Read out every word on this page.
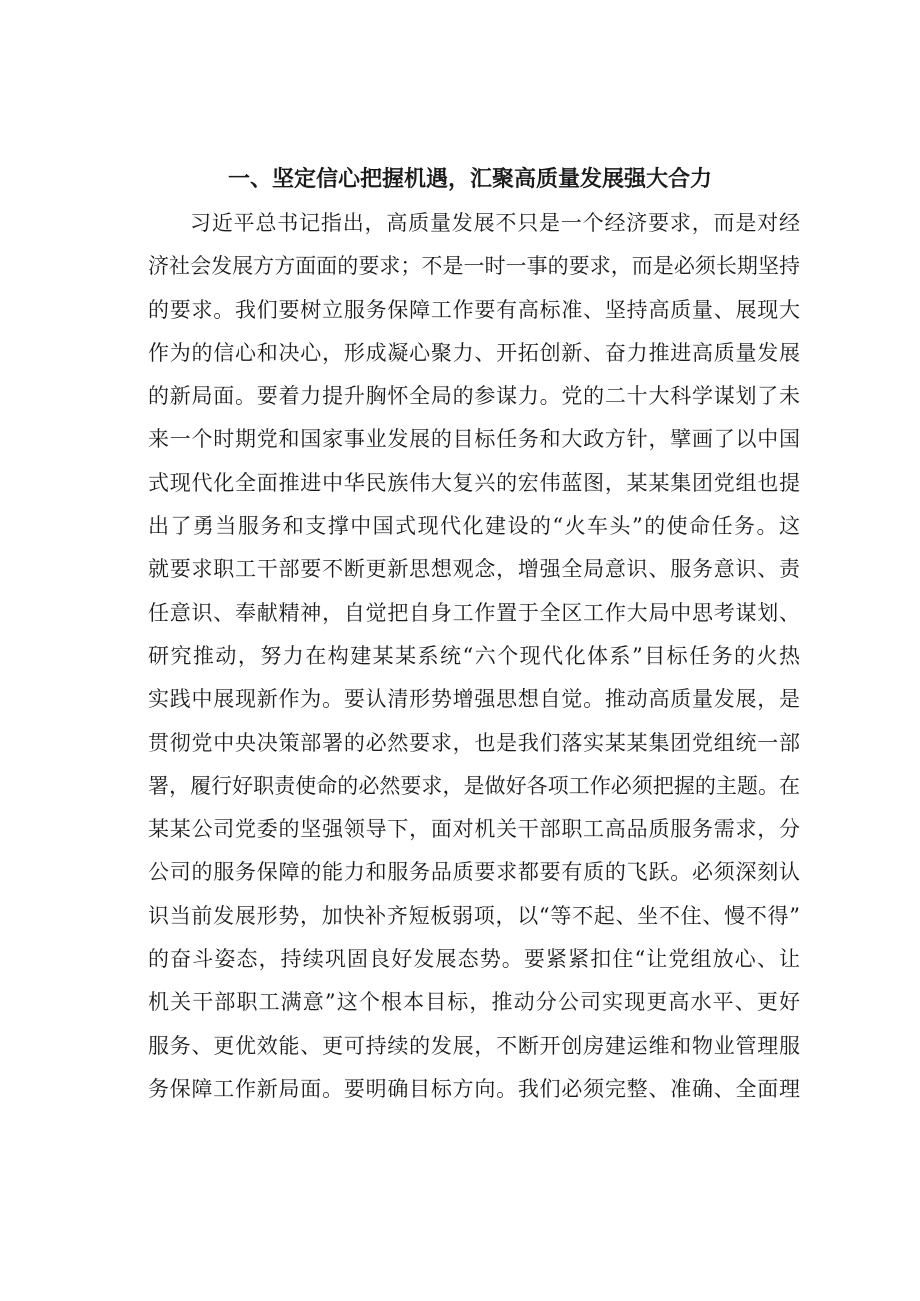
一、坚定信心把握机遇，汇聚高质量发展强大合力
习近平总书记指出，高质量发展不只是一个经济要求，而是对经
济社会发展方方面面的要求；不是一时一事的要求，而是必须长期坚持
的要求。我们要树立服务保障工作要有高标准、坚持高质量、展现大
作为的信心和决心，形成凝心聚力、开拓创新、奋力推进高质量发展
的新局面。要着力提升胸怀全局的参谋力。党的二十大科学谋划了未
来一个时期党和国家事业发展的目标任务和大政方针，擘画了以中国
式现代化全面推进中华民族伟大复兴的宏伟蓝图，某某集团党组也提
出了勇当服务和支撑中国式现代化建设的“火车头”的使命任务。这
就要求职工干部要不断更新思想观念，增强全局意识、服务意识、责
任意识、奉献精神，自觉把自身工作置于全区工作大局中思考谋划、
研究推动，努力在构建某某系统“六个现代化体系”目标任务的火热
实践中展现新作为。要认清形势增强思想自觉。推动高质量发展，是
贯彻党中央决策部署的必然要求，也是我们落实某某集团党组统一部
署，履行好职责使命的必然要求，是做好各项工作必须把握的主题。在
某某公司党委的坚强领导下，面对机关干部职工高品质服务需求，分
公司的服务保障的能力和服务品质要求都要有质的飞跃。必须深刻认
识当前发展形势，加快补齐短板弱项，以“等不起、坐不住、慢不得”
的奋斗姿态，持续巩固良好发展态势。要紧紧扣住“让党组放心、让
机关干部职工满意”这个根本目标，推动分公司实现更高水平、更好
服务、更优效能、更可持续的发展，不断开创房建运维和物业管理服
务保障工作新局面。要明确目标方向。我们必须完整、准确、全面理
